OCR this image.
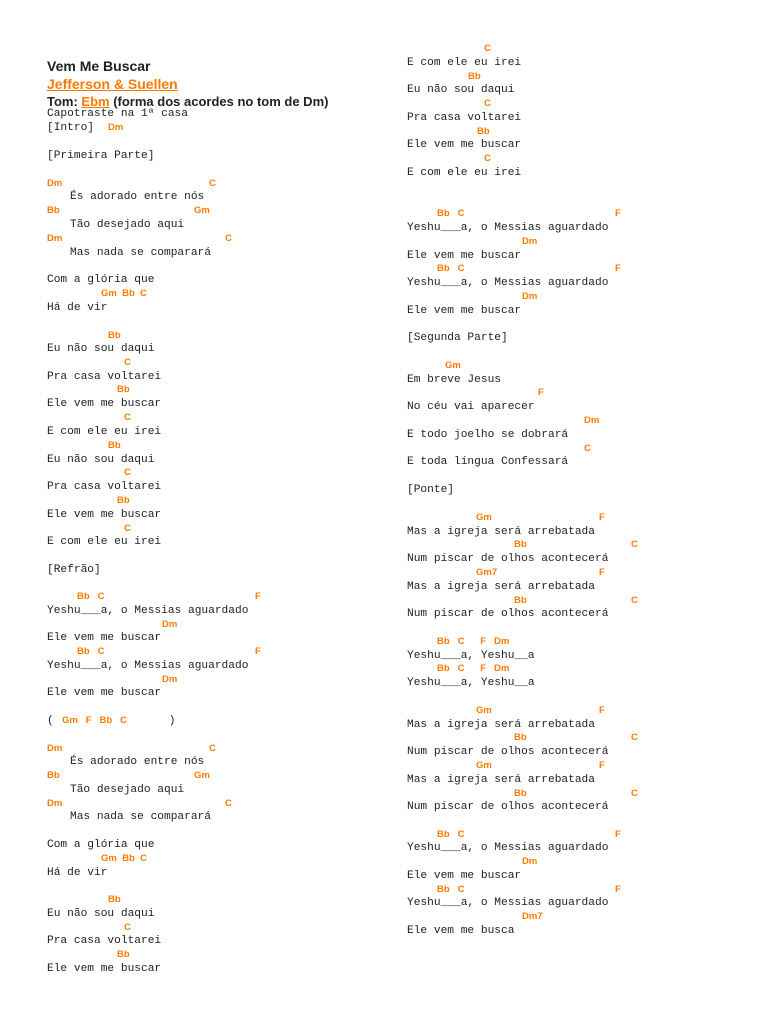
Vem Me Buscar
Jefferson & Suellen
Tom: Ebm (forma dos acordes no tom de Dm)
Capotraste na 1ª casa
[Intro] Dm
[Primeira Parte]
Dm	C
És adorado entre nós
Bb	Gm
Tão desejado aqui
Dm	C
Mas nada se comparará
Com a glória que
Gm  Bb  C
Há de vir
Bb
Eu não sou daqui
C
Pra casa voltarei
Bb
Ele vem me buscar
C
E com ele eu irei
Bb
Eu não sou daqui
C
Pra casa voltarei
Bb
Ele vem me buscar
C
E com ele eu irei
[Refrão]
Bb   C	F
Yeshu___a, o Messias aguardado
Dm
Ele vem me buscar
Bb   C	F
Yeshu___a, o Messias aguardado
Dm
Ele vem me buscar
( Gm   F   Bb   C	)
Dm	C
És adorado entre nós
Bb	Gm
Tão desejado aqui
Dm	C
Mas nada se comparará
Com a glória que
Gm  Bb  C
Há de vir
Bb
Eu não sou daqui
C
Pra casa voltarei
Bb
Ele vem me buscar
C
E com ele eu irei
Bb
Eu não sou daqui
C
Pra casa voltarei
Bb
Ele vem me buscar
C
E com ele eu irei
Bb   C	F
Yeshu___a, o Messias aguardado
Dm
Ele vem me buscar
Bb   C	F
Yeshu___a, o Messias aguardado
Dm
Ele vem me buscar
[Segunda Parte]
Gm
Em breve Jesus
F
No céu vai aparecer
Dm
E todo joelho se dobrará
C
E toda língua Confessará
[Ponte]
Gm	F
Mas a igreja será arrebatada
Bb	C
Num piscar de olhos acontecerá
Gm7	F
Mas a igreja será arrebatada
Bb	C
Num piscar de olhos acontecerá
Bb   C      F   Dm
Yeshu___a, Yeshu__a
Bb   C      F   Dm
Yeshu___a, Yeshu__a
Gm	F
Mas a igreja será arrebatada
Bb	C
Num piscar de olhos acontecerá
Gm	F
Mas a igreja será arrebatada
Bb	C
Num piscar de olhos acontecerá
Bb   C	F
Yeshu___a, o Messias aguardado
Dm
Ele vem me buscar
Bb   C	F
Yeshu___a, o Messias aguardado
Dm7
Ele vem me busca
